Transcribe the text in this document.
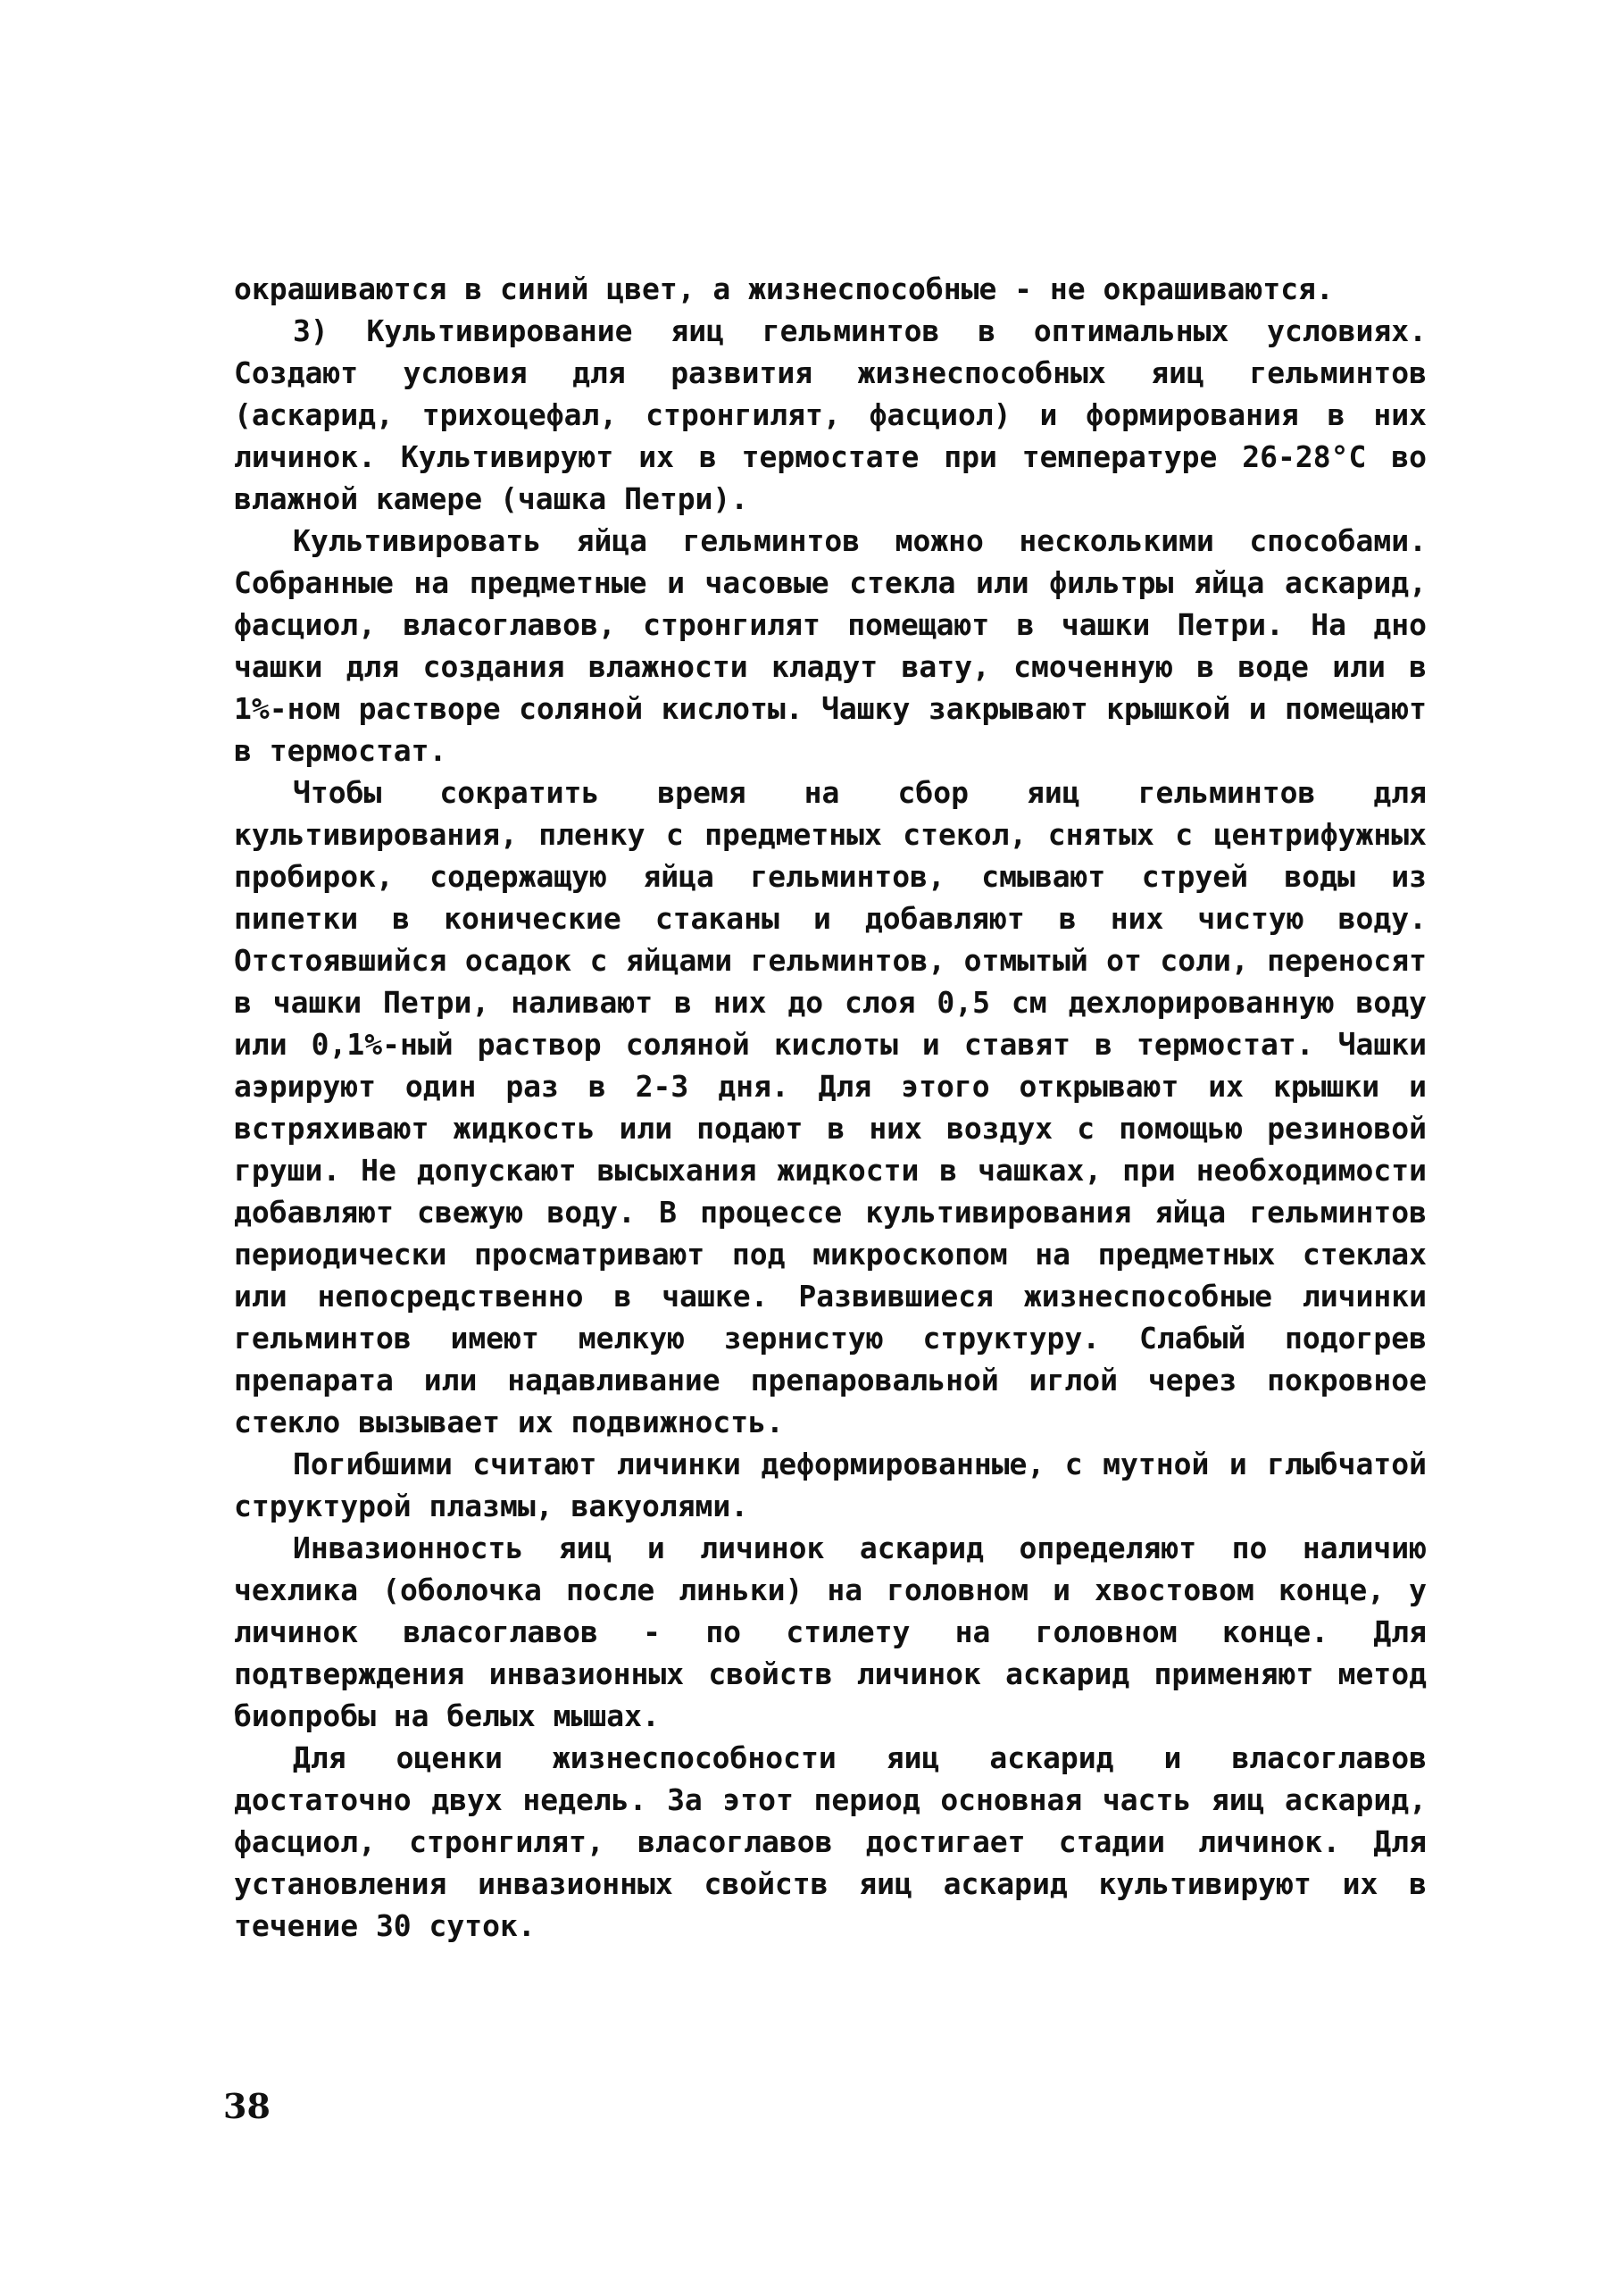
окрашиваются в синий цвет, а жизнеспособные - не окрашиваются.

3) Культивирование яиц гельминтов в оптимальных условиях. Создают условия для развития жизнеспособных яиц гельминтов (аскарид, трихоцефал, стронгилят, фасциол) и формирования в них личинок. Культивируют их в термостате при температуре 26-28°С во влажной камере (чашка Петри).

Культивировать яйца гельминтов можно несколькими способами. Собранные на предметные и часовые стекла или фильтры яйца аскарид, фасциол, власоглавов, стронгилят помещают в чашки Петри. На дно чашки для создания влажности кладут вату, смоченную в воде или в 1%-ном растворе соляной кислоты. Чашку закрывают крышкой и помещают в термостат.

Чтобы сократить время на сбор яиц гельминтов для культивирования, пленку с предметных стекол, снятых с центрифужных пробирок, содержащую яйца гельминтов, смывают струей воды из пипетки в конические стаканы и добавляют в них чистую воду. Отстоявшийся осадок с яйцами гельминтов, отмытый от соли, переносят в чашки Петри, наливают в них до слоя 0,5 см дехлорированную воду или 0,1%-ный раствор соляной кислоты и ставят в термостат. Чашки аэрируют один раз в 2-3 дня. Для этого открывают их крышки и встряхивают жидкость или подают в них воздух с помощью резиновой груши. Не допускают высыхания жидкости в чашках, при необходимости добавляют свежую воду. В процессе культивирования яйца гельминтов периодически просматривают под микроскопом на предметных стеклах или непосредственно в чашке. Развившиеся жизнеспособные личинки гельминтов имеют мелкую зернистую структуру. Слабый подогрев препарата или надавливание препаровальной иглой через покровное стекло вызывает их подвижность.

Погибшими считают личинки деформированные, с мутной и глыбчатой структурой плазмы, вакуолями.

Инвазионность яиц и личинок аскарид определяют по наличию чехлика (оболочка после линьки) на головном и хвостовом конце, у личинок власоглавов - по стилету на головном конце. Для подтверждения инвазионных свойств личинок аскарид применяют метод биопробы на белых мышах.

Для оценки жизнеспособности яиц аскарид и власоглавов достаточно двух недель. За этот период основная часть яиц аскарид, фасциол, стронгилят, власоглавов достигает стадии личинок. Для установления инвазионных свойств яиц аскарид культивируют их в течение 30 суток.

38
